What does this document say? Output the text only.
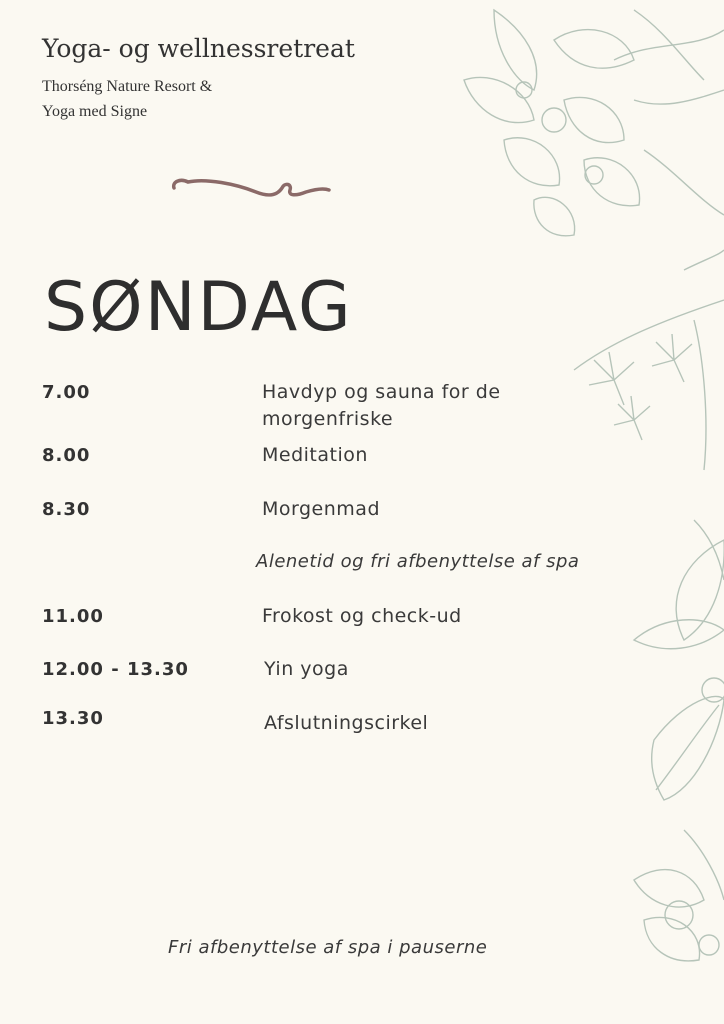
Yoga- og wellnessretreat
Thorséng Nature Resort &
Yoga med Signe
SØNDAG
7.00	Havdyp og sauna for de
morgenfriske
8.00	Meditation
8.30	Morgenmad
Alenetid og fri afbenyttelse af spa
11.00	Frokost og check-ud
12.00 - 13.30	Yin yoga
13.30	Afslutningscirkel
Fri afbenyttelse af spa i pauserne
